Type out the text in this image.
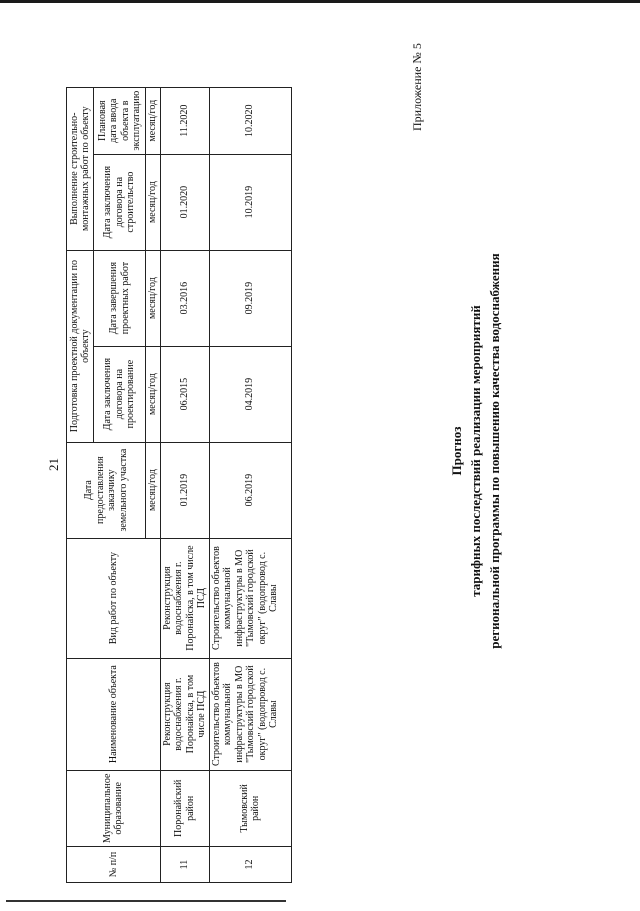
21
№ п/п	Муниципальное образование	Наименование объекта	Вид работ по объекту	Дата предоставления заказчику земельного участка	Подготовка проектной документации по объекту		Выполнение строительно-монтажных работ по объекту	
					Дата заключения договора на проектирование	Дата завершения проектных работ	Дата заключения договора на строительство	Плановая дата ввода объекта в эксплуатацию
				месяц/год	месяц/год	месяц/год	месяц/год	месяц/год
11	Поронайский район	Реконструкция водоснабжения г. Поронайска, в том числе ПСД	Реконструкция водоснабжения г. Поронайска, в том числе ПСД	01.2019	06.2015	03.2016	01.2020	11.2020
12	Тымовский район	Строительство объектов коммунальной инфраструктуры в МО "Тымовский городской округ" (водопровод с. Славы	Строительство объектов коммунальной инфраструктуры в МО "Тымовский городской округ" (водопровод с. Славы	06.2019	04.2019	09.2019	10.2019	10.2020	Приложение № 5
Прогноз тарифных последствий реализации мероприятий региональной программы по повышению качества водоснабжения
